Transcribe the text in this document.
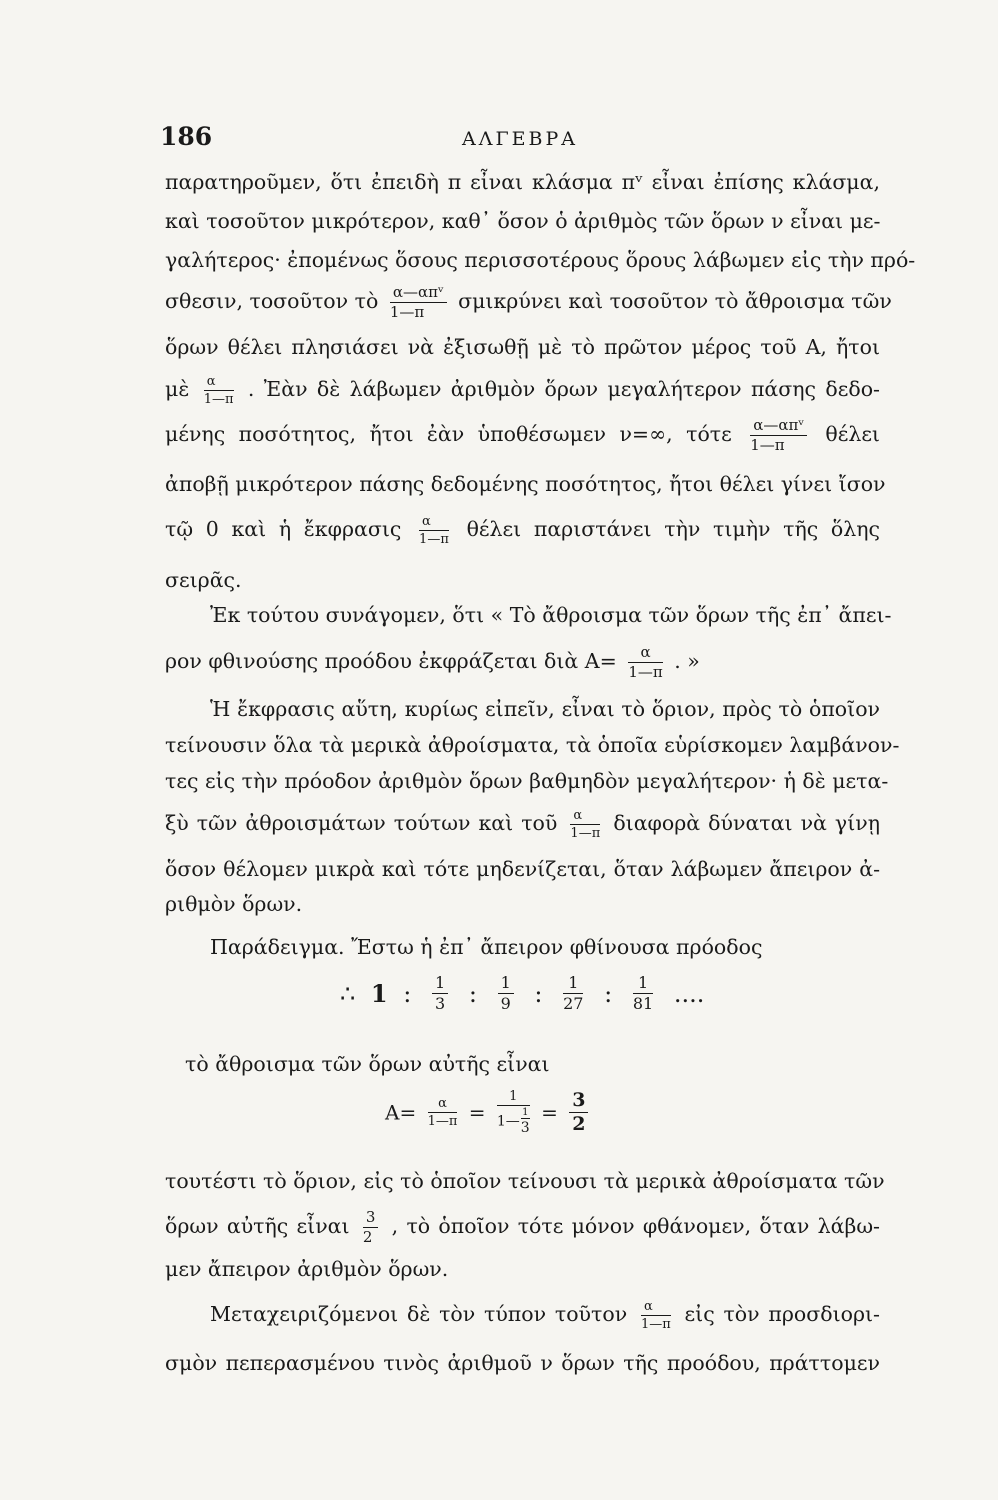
186	ΑΛΓΕΒΡΑ
παρατηροῦμεν, ὅτι ἐπειδὴ π εἶναι κλάσμα πᵛ εἶναι ἐπίσης κλάσμα,
καὶ τοσοῦτον μικρότερον, καθ᾿ ὅσον ὁ ἀριθμὸς τῶν ὅρων ν εἶναι με-
γαλήτερος· ἐπομένως ὅσους περισσοτέρους ὅρους λάβωμεν εἰς τὴν πρό-
σθεσιν, τοσοῦτον τὸ $\frac{\text{α—απᵛ}}{1—\pi}$ σμικρύνει καὶ τοσοῦτον τὸ ἄθροισμα τῶν
ὅρων θέλει πλησιάσει νὰ ἐξισωθῇ μὲ τὸ πρῶτον μέρος τοῦ Α, ἤτοι
μὲ $\frac{\alpha}{1—\pi}$ . Ἐὰν δὲ λάβωμεν ἀριθμὸν ὅρων μεγαλήτερον πάσης δεδο-
μένης ποσότητος, ἤτοι ἐὰν ὑποθέσωμεν ν=∞, τότε $\frac{\text{α—απᵛ}}{1—\pi}$ θέλει
ἀποβῇ μικρότερον πάσης δεδομένης ποσότητος, ἤτοι θέλει γίνει ἴσον
τῷ 0 καὶ ἡ ἔκφρασις $\frac{\alpha}{1—\pi}$ θέλει παριστάνει τὴν τιμὴν τῆς ὅλης
σειρᾶς.
Ἐκ τούτου συνάγομεν, ὅτι « Τὸ ἄθροισμα τῶν ὅρων τῆς ἐπ᾿ ἄπει-
ρον φθινούσης προόδου ἐκφράζεται διὰ $A= \frac{\alpha}{1—\pi}$ . »
Ἡ ἔκφρασις αὕτη, κυρίως εἰπεῖν, εἶναι τὸ ὅριον, πρὸς τὸ ὁποῖον
τείνουσιν ὅλα τὰ μερικὰ ἀθροίσματα, τὰ ὁποῖα εὑρίσκομεν λαμβάνον-
τες εἰς τὴν πρόοδον ἀριθμὸν ὅρων βαθμηδὸν μεγαλήτερον· ἡ δὲ μετα-
ξὺ τῶν ἀθροισμάτων τούτων καὶ τοῦ $\frac{\alpha}{1—\pi}$ διαφορὰ δύναται νὰ γίνῃ
ὅσον θέλομεν μικρὰ καὶ τότε μηδενίζεται, ὅταν λάβωμεν ἄπειρον ἀ-
ριθμὸν ὅρων.
Παράδειγμα. Ἔστω ἡ ἐπ᾿ ἄπειρον φθίνουσα πρόοδος
∴ 1 : $\frac{1}{3}$ : $\frac{1}{9}$ : $\frac{1}{27}$ : $\frac{1}{81}$ ....
τὸ ἄθροισμα τῶν ὅρων αὐτῆς εἶναι
$A= \frac{\alpha}{1—\pi} = \frac{1}{1— \frac{1}{3}} = \frac{3}{2}$
τουτέστι τὸ ὅριον, εἰς τὸ ὁποῖον τείνουσι τὰ μερικὰ ἀθροίσματα τῶν
ὅρων αὐτῆς εἶναι $\frac{3}{2}$ , τὸ ὁποῖον τότε μόνον φθάνομεν, ὅταν λάβω-
μεν ἄπειρον ἀριθμὸν ὅρων.
Μεταχειριζόμενοι δὲ τὸν τύπον τοῦτον $\frac{\alpha}{1—\pi}$ εἰς τὸν προσδιορι-
σμὸν πεπερασμένου τινὸς ἀριθμοῦ ν ὅρων τῆς προόδου, πράττομεν
